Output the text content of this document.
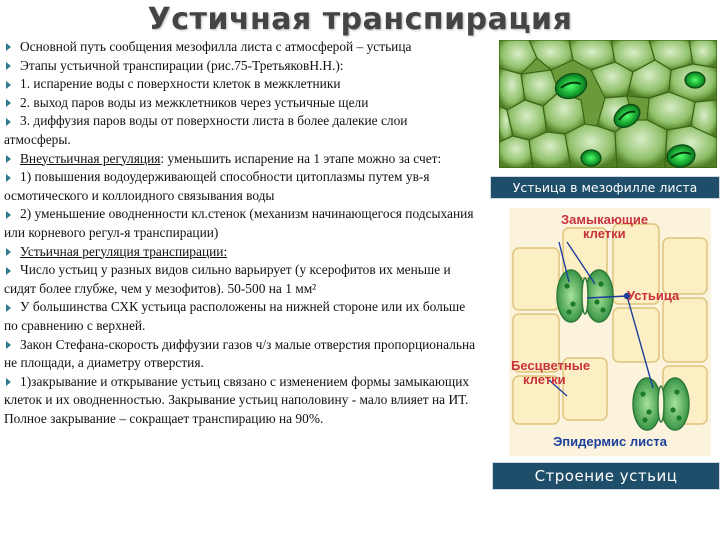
Устичная транспирация
Основной путь сообщения мезофилла листа с атмосферой – устьица
Этапы устьичной транспирации (рис.75-ТретьяковН.Н.):
1. испарение воды с поверхности клеток в межклетники
2. выход паров воды из межклетников через устьичные щели
3. диффузия паров воды от поверхности листа в более далекие слои атмосферы.
Внеустьичная регуляция: уменьшить испарение на 1 этапе можно за счет:
1) повышения водоудерживающей способности цитоплазмы путем ув-я осмотического и коллоидного связывания воды
2) уменьшение оводненности кл.стенок (механизм начинающегося подсыхания или корневого регул-я транспирации)
Устьичная регуляция транспирации:
Число устьиц у разных видов сильно варьирует (у ксерофитов их меньше и сидят более глубже, чем у мезофитов). 50-500 на 1 мм²
У большинства СХК устьица расположены на нижней стороне или их больше по сравнению с верхней.
Закон Стефана-скорость диффузии газов ч/з малые отверстия пропорциональна не площади, а диаметру отверстия.
1)закрывание и открывание устьиц связано с изменением формы замыкающих клеток и их оводненностью. Закрывание устьиц наполовину - мало влияет на ИТ. Полное закрывание – сокращает транспирацию на 90%.
Устьица в мезофилле листа
Замыкающие
клетки
Устьица
Бесцветные
клетки
Эпидермис листа
Строение устьиц
